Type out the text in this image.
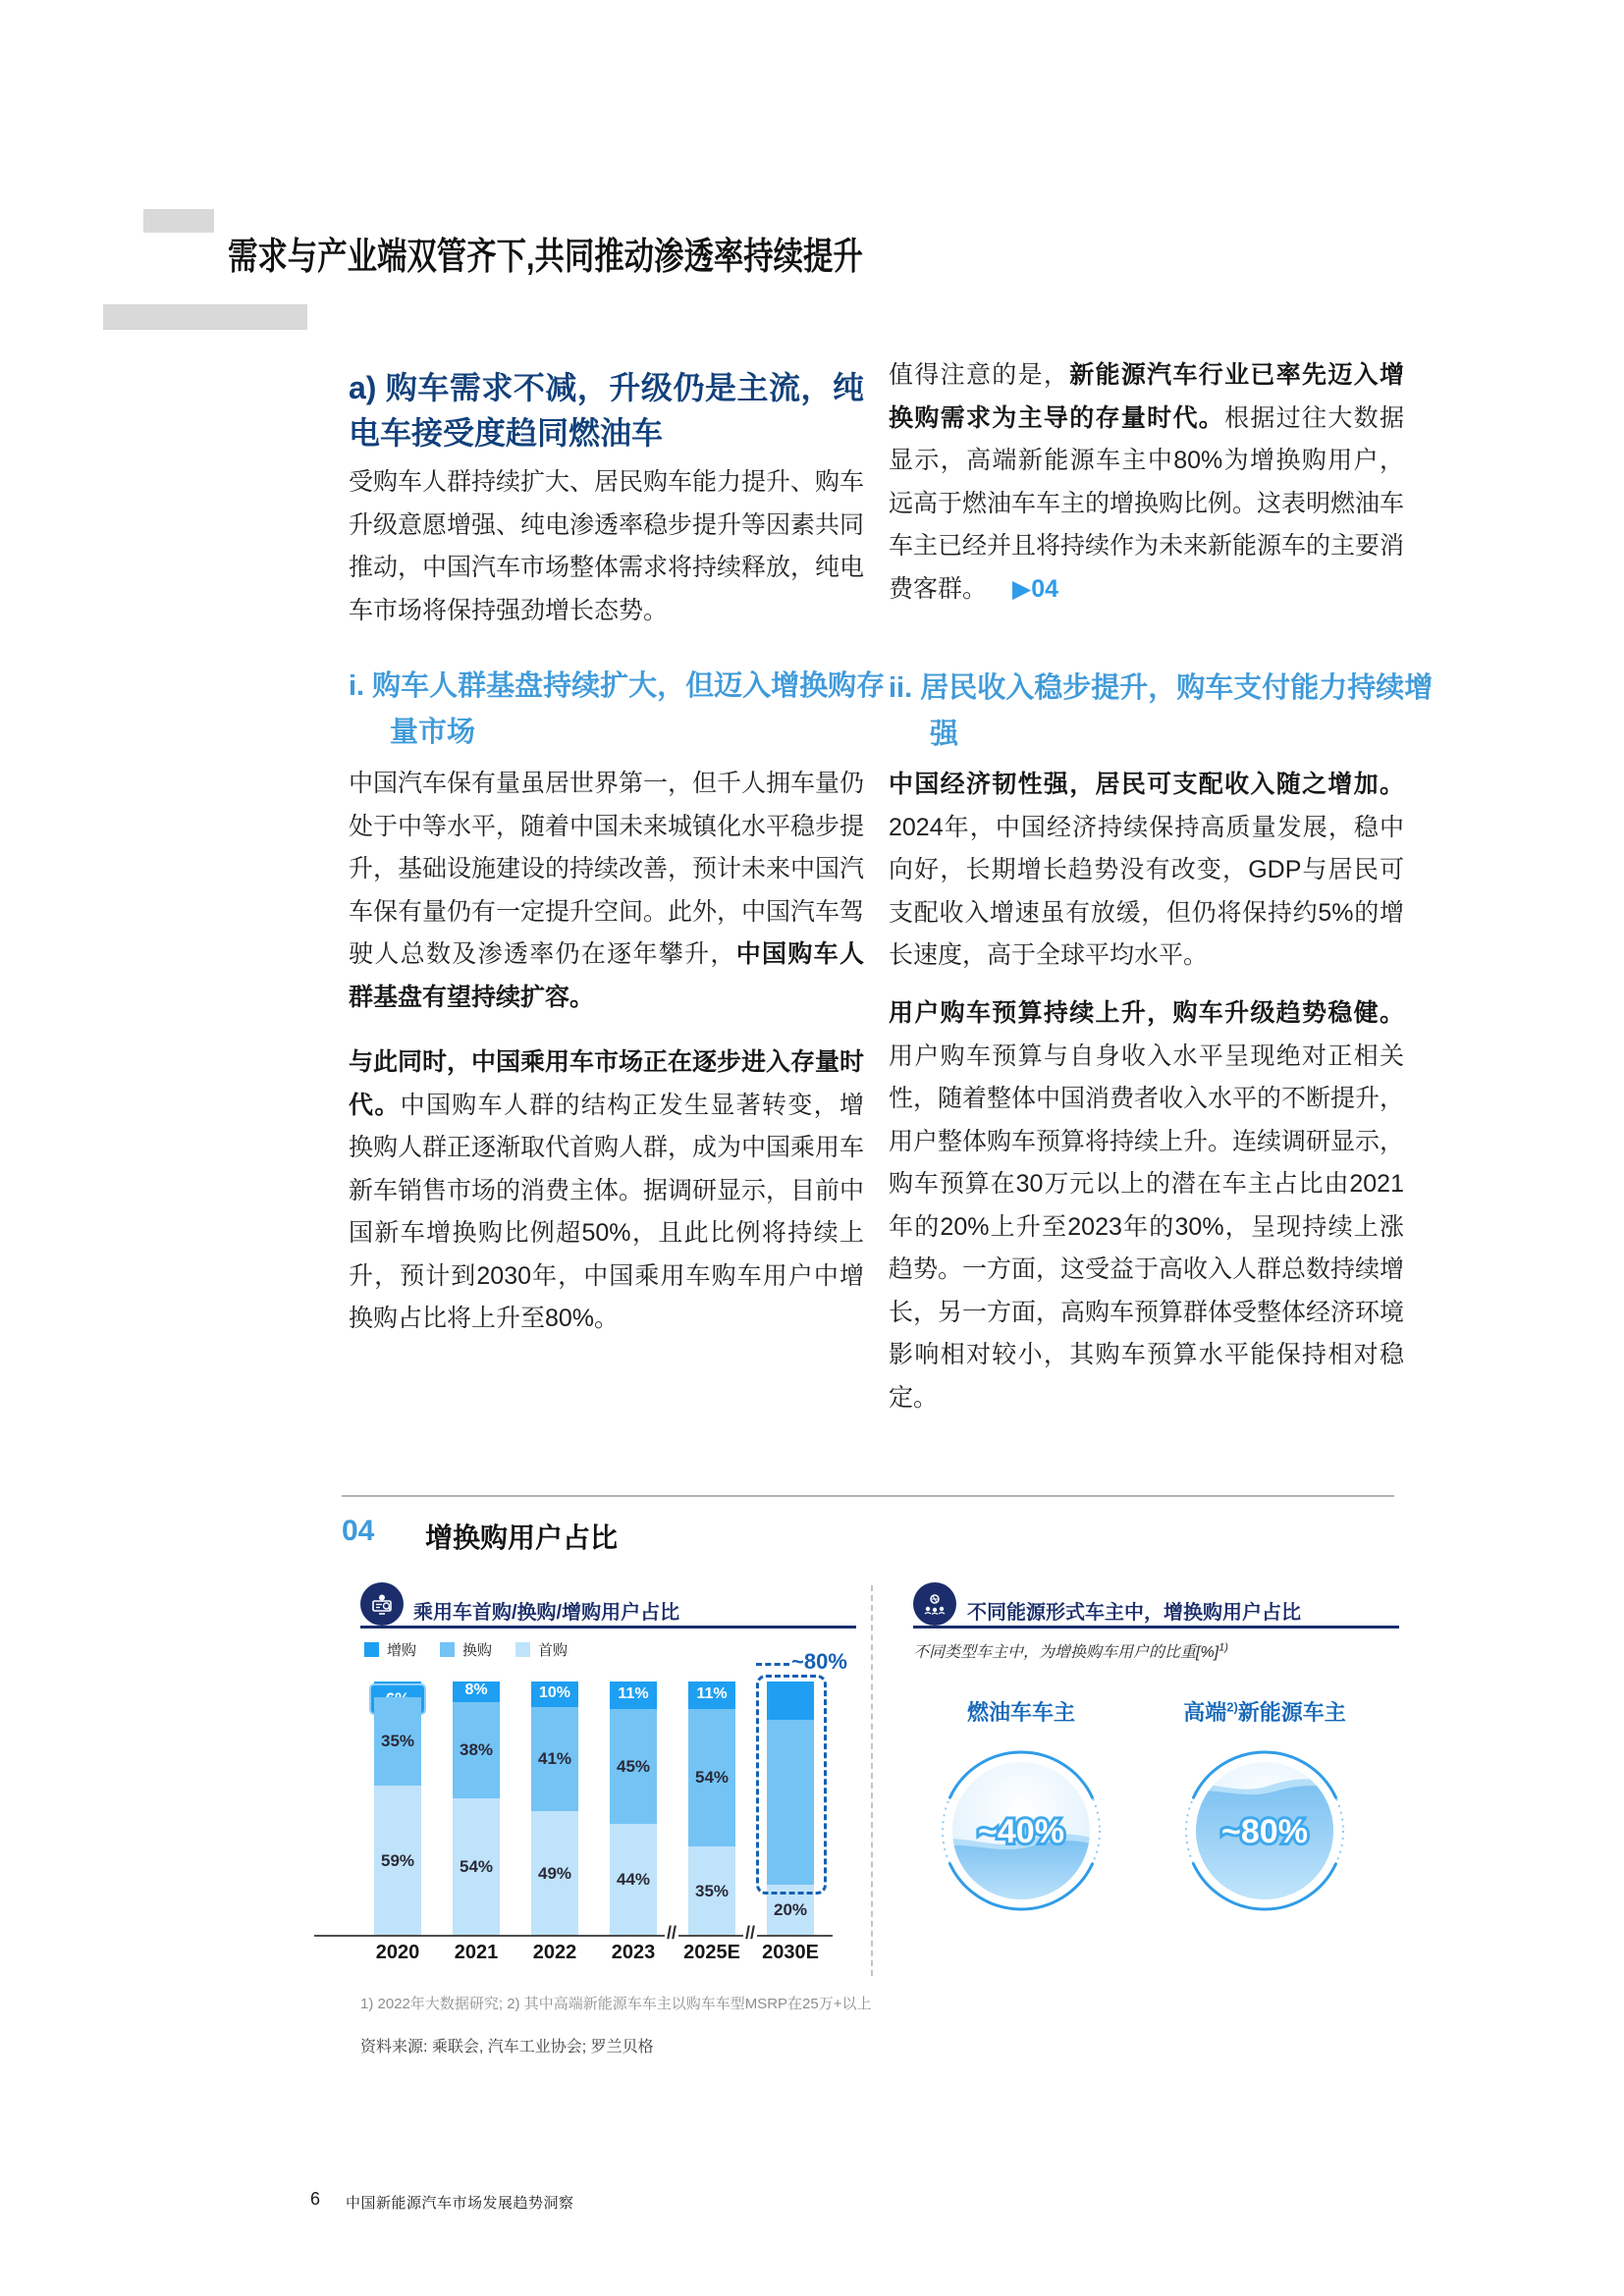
需求与产业端双管齐下,共同推动渗透率持续提升
a) 购车需求不减，升级仍是主流，纯电车接受度趋同燃油车

受购车人群持续扩大、居民购车能力提升、购车升级意愿增强、纯电渗透率稳步提升等因素共同推动，中国汽车市场整体需求将持续释放，纯电车市场将保持强劲增长态势。

i. 购车人群基盘持续扩大，但迈入增换购存量市场

中国汽车保有量虽居世界第一，但千人拥车量仍处于中等水平，随着中国未来城镇化水平稳步提升，基础设施建设的持续改善，预计未来中国汽车保有量仍有一定提升空间。此外，中国汽车驾驶人总数及渗透率仍在逐年攀升，中国购车人群基盘有望持续扩容。

与此同时，中国乘用车市场正在逐步进入存量时代。中国购车人群的结构正发生显著转变，增换购人群正逐渐取代首购人群，成为中国乘用车新车销售市场的消费主体。据调研显示，目前中国新车增换购比例超50%，且此比例将持续上升，预计到2030年，中国乘用车购车用户中增换购占比将上升至80%。

值得注意的是，新能源汽车行业已率先迈入增换购需求为主导的存量时代。根据过往大数据显示，高端新能源车主中80%为增换购用户，远高于燃油车车主的增换购比例。这表明燃油车车主已经并且将持续作为未来新能源车的主要消费客群。 ▶04

ii. 居民收入稳步提升，购车支付能力持续增强

中国经济韧性强，居民可支配收入随之增加。2024年，中国经济持续保持高质量发展，稳中向好，长期增长趋势没有改变，GDP与居民可支配收入增速虽有放缓，但仍将保持约5%的增长速度，高于全球平均水平。

用户购车预算持续上升，购车升级趋势稳健。用户购车预算与自身收入水平呈现绝对正相关性，随着整体中国消费者收入水平的不断提升，用户整体购车预算将持续上升。连续调研显示，购车预算在30万元以上的潜在车主占比由2021年的20%上升至2023年的30%，呈现持续上涨趋势。一方面，这受益于高收入人群总数持续增长，另一方面，高购车预算群体受整体经济环境影响相对较小，其购车预算水平能保持相对稳定。

04 增换购用户占比
乘用车首购/换购/增购用户占比
增购	换购	首购
35%
59%
2020
8%
38%
54%
2021
10%
41%
49%
2022
11%
45%
44%
2023
11%
54%
35%
2025E
20%
2030E
//	//
~80%
不同能源形式车主中，增换购用户占比
不同类型车主中，为增换购车用户的比重[%]$^{1)}$
燃油车车主
~40%
高端$^{2)}$新能源车主
~80%
1) 2022年大数据研究; 2) 其中高端新能源车车主以购车车型MSRP在25万+以上
资料来源: 乘联会, 汽车工业协会; 罗兰贝格
6 中国新能源汽车市场发展趋势洞察
